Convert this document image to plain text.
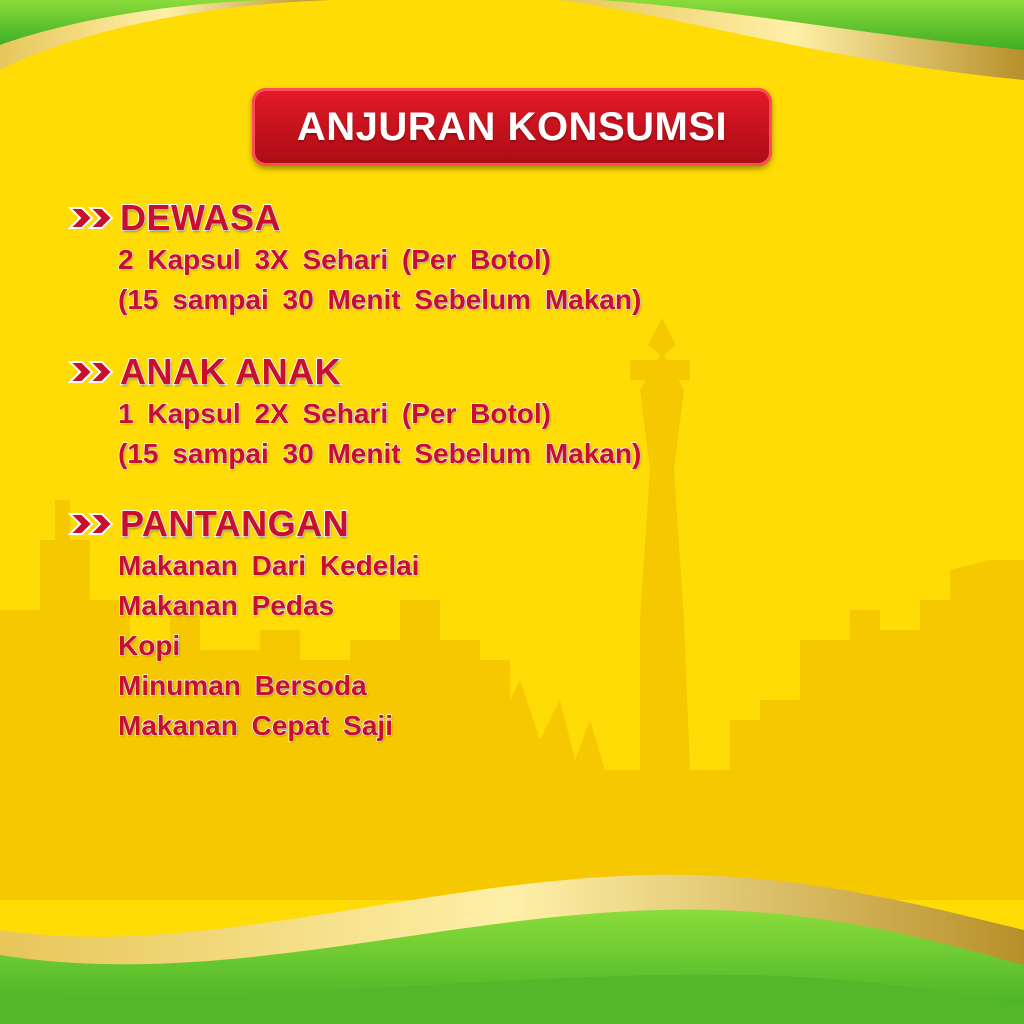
ANJURAN KONSUMSI
DEWASA
2 Kapsul 3X Sehari (Per Botol)
(15 sampai 30 Menit Sebelum Makan)
ANAK ANAK
1 Kapsul 2X Sehari (Per Botol)
(15 sampai 30 Menit Sebelum Makan)
PANTANGAN
Makanan Dari Kedelai
Makanan Pedas
Kopi
Minuman Bersoda
Makanan Cepat Saji
